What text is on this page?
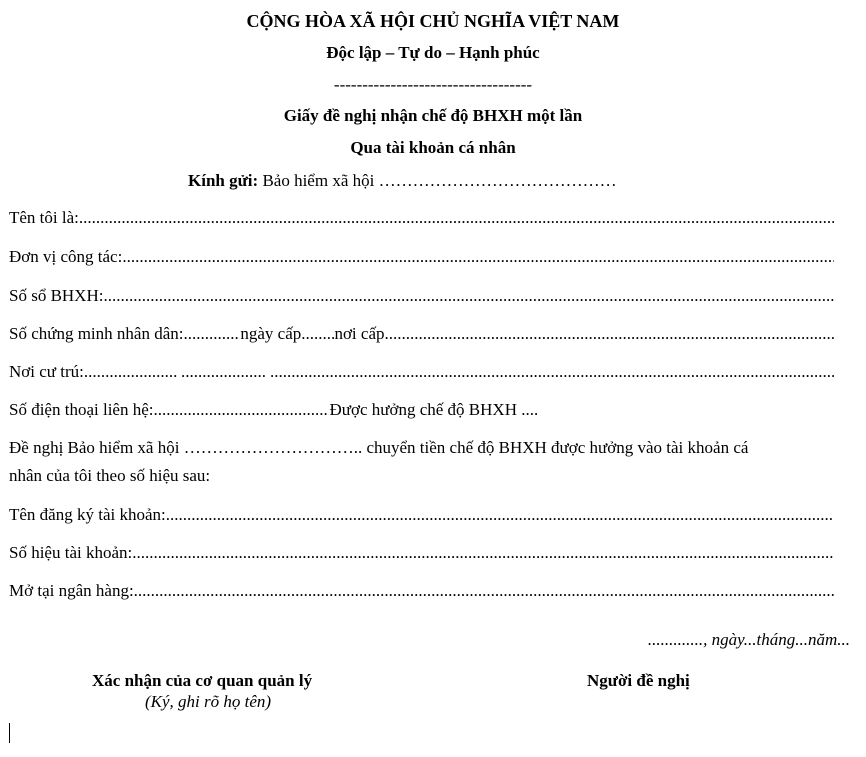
CỘNG HÒA XÃ HỘI CHỦ NGHĨA VIỆT NAM
Độc lập – Tự do – Hạnh phúc
-----------------------------------
Giấy đề nghị nhận chế độ BHXH một lần
Qua tài khoản cá nhân
Kính gửi: Bảo hiểm xã hội ……………………………………
Tên tôi là:
.....
Đơn vị công tác:
.....
Số sổ BHXH:
.....
Số chứng minh nhân dân: .....	ngày cấp ..... nơi cấp
.....
Nơi cư trú:
.....

.....

.....
Số điện thoại liên hệ: .....	Được hưởng chế độ BHXH ....
Đề nghị Bảo hiểm xã hội ………………………….. chuyển tiền chế độ BHXH được hưởng vào tài khoản cá
nhân của tôi theo số hiệu sau:
Tên đăng ký tài khoản:
.....
Số hiệu tài khoản:
.....
Mở tại ngân hàng:
.....
............., ngày...tháng...năm...
Xác nhận của cơ quan quản lý
(Ký, ghi rõ họ tên)
Người đề nghị
